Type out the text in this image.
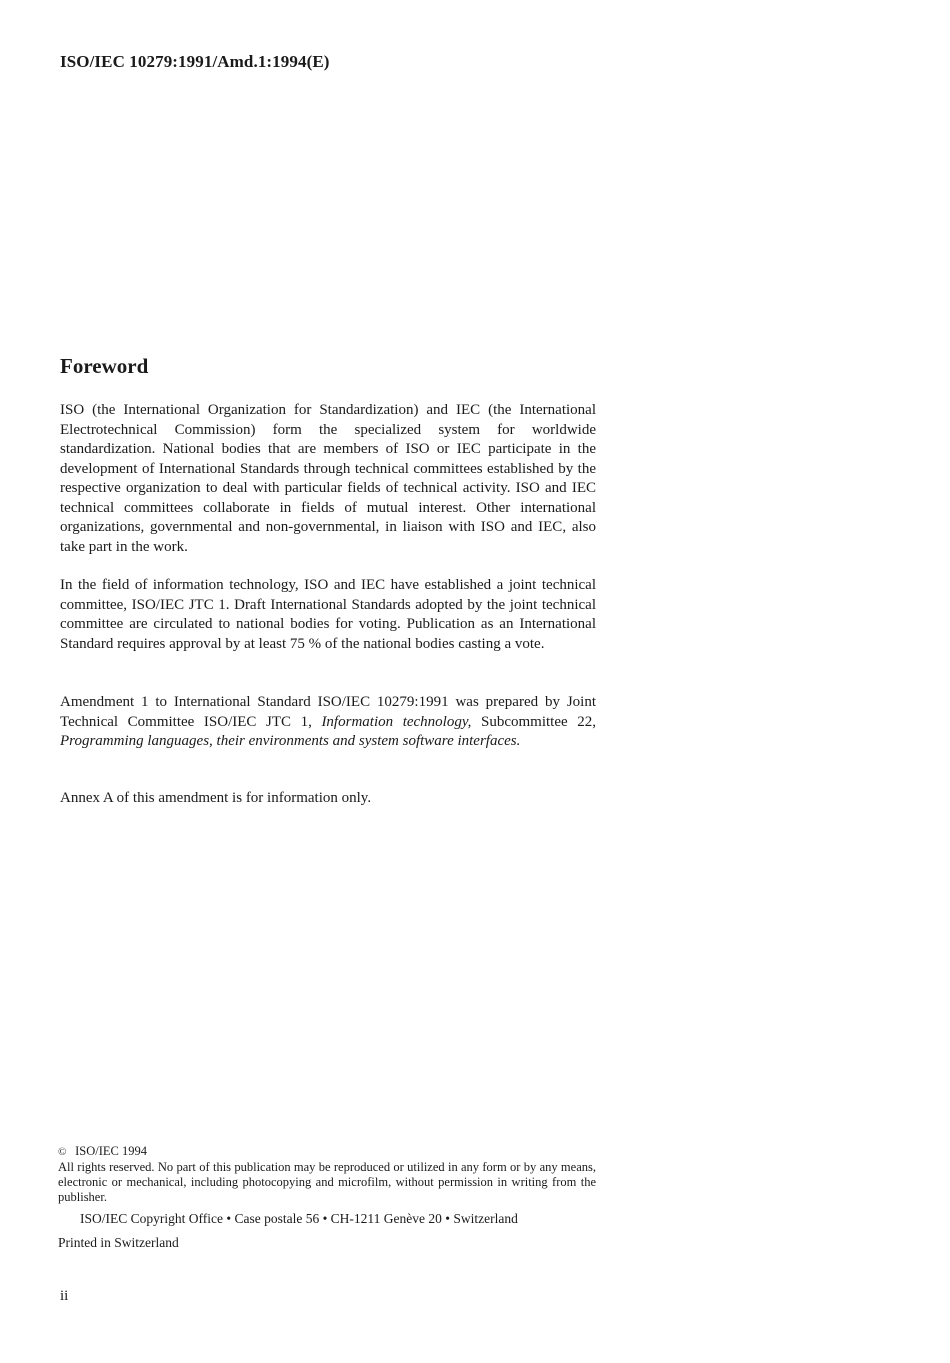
ISO/IEC 10279:1991/Amd.1:1994(E)
Foreword
ISO (the International Organization for Standardization) and IEC (the International Electrotechnical Commission) form the specialized system for worldwide standardization. National bodies that are members of ISO or IEC participate in the development of International Standards through technical committees established by the respective organization to deal with particular fields of technical activity. ISO and IEC technical committees collaborate in fields of mutual interest. Other international organizations, governmental and non-governmental, in liaison with ISO and IEC, also take part in the work.
In the field of information technology, ISO and IEC have established a joint technical committee, ISO/IEC JTC 1. Draft International Standards adopted by the joint technical committee are circulated to national bodies for voting. Publication as an International Standard requires approval by at least 75 % of the national bodies casting a vote.
Amendment 1 to International Standard ISO/IEC 10279:1991 was prepared by Joint Technical Committee ISO/IEC JTC 1, Information technology, Subcommittee 22, Programming languages, their environments and system software interfaces.
Annex A of this amendment is for information only.
© ISO/IEC 1994
All rights reserved. No part of this publication may be reproduced or utilized in any form or by any means, electronic or mechanical, including photocopying and microfilm, without permission in writing from the publisher.
ISO/IEC Copyright Office • Case postale 56 • CH-1211 Genève 20 • Switzerland
Printed in Switzerland
ii
